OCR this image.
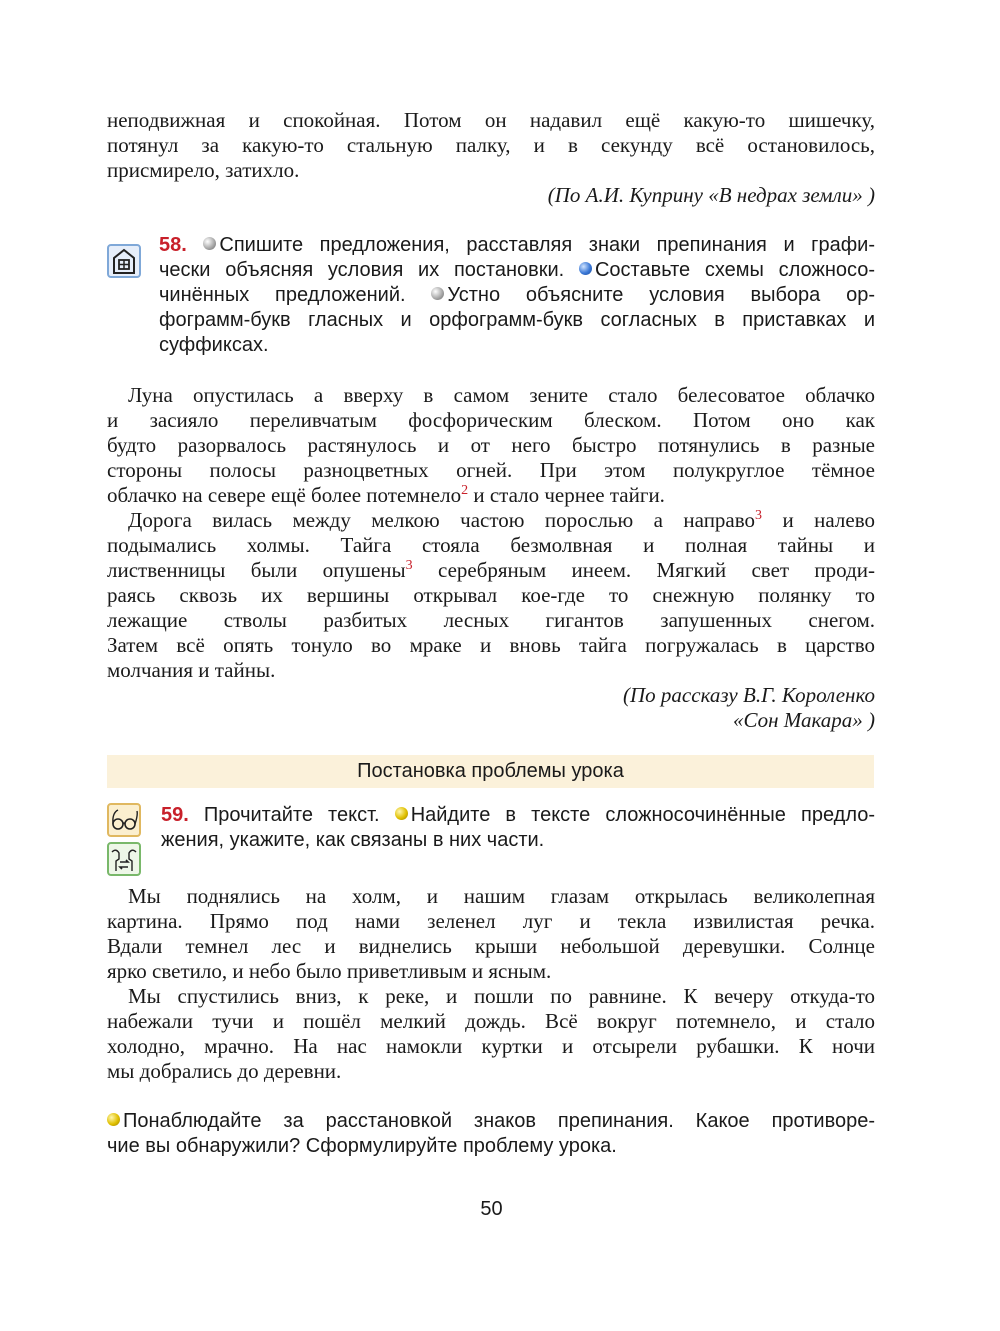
неподвижная и спокойная. Потом он надавил ещё какую-то шишечку,
потянул за какую-то стальную палку, и в секунду всё остановилось,
присмирело, затихло.
(По А.И. Куприну «В недрах земли» )
58. Спишите предложения, расставляя знаки препинания и графи-
чески объясняя условия их постановки. Составьте схемы сложносо-
чинённых предложений. Устно объясните условия выбора ор-
фограмм-букв гласных и орфограмм-букв согласных в приставках и
суффиксах.
 Луна опустилась а вверху в самом зените стало белесоватое облачко
и засияло переливчатым фосфорическим блеском. Потом оно как
будто разорвалось растянулось и от него быстро потянулись в разные
стороны полосы разноцветных огней. При этом полукруглое тёмное
облачко на севере ещё более потемнело$^2$ и стало чернее тайги.
 Дорога вилась между мелкою частою порослью а направо$^3$ и налево
подымались холмы. Тайга стояла безмолвная и полная тайны и
лиственницы были опушены$^3$ серебряным инеем. Мягкий свет проди-
раясь сквозь их вершины открывал кое-где то снежную полянку то
лежащие стволы разбитых лесных гигантов запушенных снегом.
Затем всё опять тонуло во мраке и вновь тайга погружалась в царство
молчания и тайны.
(По рассказу В.Г. Короленко
«Сон Макара» )
Постановка проблемы урока
59. Прочитайте текст. Найдите в тексте сложносочинённые предло-
жения, укажите, как связаны в них части.
 Мы поднялись на холм, и нашим глазам открылась великолепная
картина. Прямо под нами зеленел луг и текла извилистая речка.
Вдали темнел лес и виднелись крыши небольшой деревушки. Солнце
ярко светило, и небо было приветливым и ясным.
 Мы спустились вниз, к реке, и пошли по равнине. К вечеру откуда-то
набежали тучи и пошёл мелкий дождь. Всё вокруг потемнело, и стало
холодно, мрачно. На нас намокли куртки и отсырели рубашки. К ночи
мы добрались до деревни.
Понаблюдайте за расстановкой знаков препинания. Какое противоре-
чие вы обнаружили? Сформулируйте проблему урока.
50
